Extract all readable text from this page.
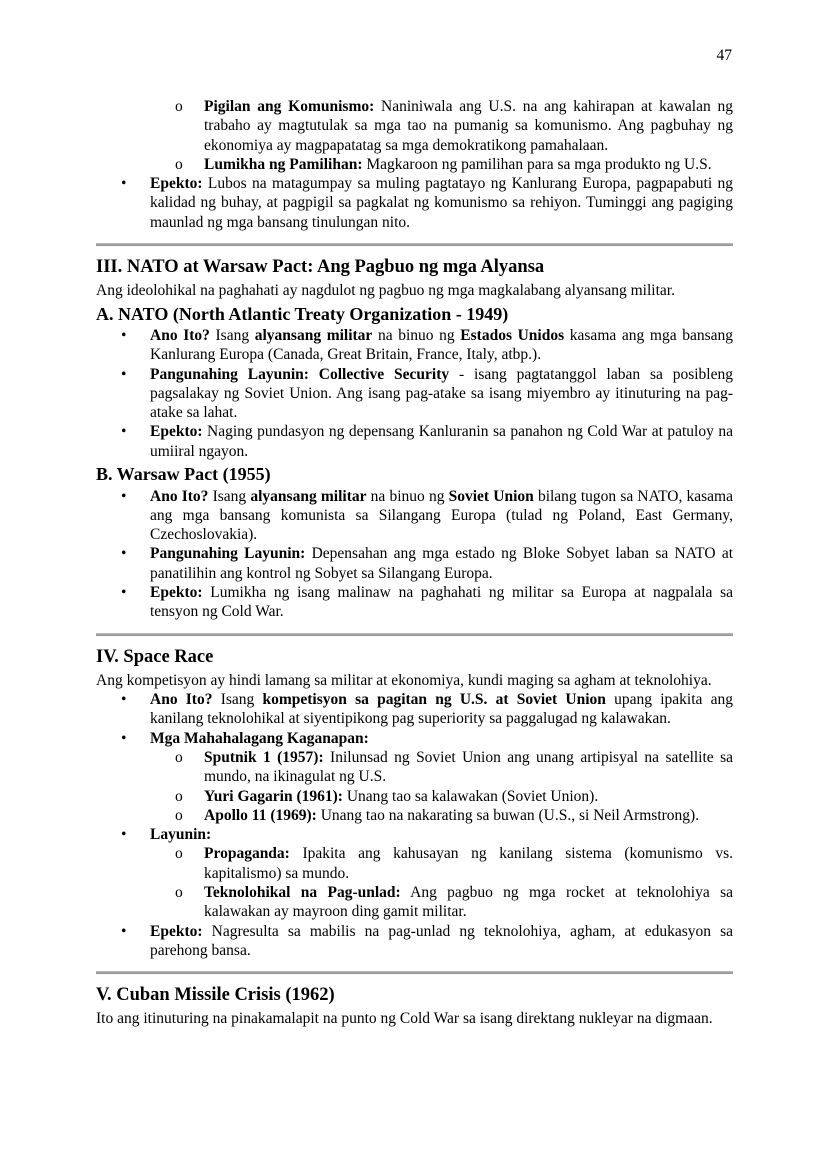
47
o Pigilan ang Komunismo: Naniniwala ang U.S. na ang kahirapan at kawalan ng trabaho ay magtutulak sa mga tao na pumanig sa komunismo. Ang pagbuhay ng ekonomiya ay magpapatatag sa mga demokratikong pamahalaan.
o Lumikha ng Pamilihan: Magkaroon ng pamilihan para sa mga produkto ng U.S.
• Epekto: Lubos na matagumpay sa muling pagtatayo ng Kanlurang Europa, pagpapabuti ng kalidad ng buhay, at pagpigil sa pagkalat ng komunismo sa rehiyon. Tuminggi ang pagiging maunlad ng mga bansang tinulungan nito.
III. NATO at Warsaw Pact: Ang Pagbuo ng mga Alyansa
Ang ideolohikal na paghahati ay nagdulot ng pagbuo ng mga magkalabang alyansang militar.
A. NATO (North Atlantic Treaty Organization - 1949)
• Ano Ito? Isang alyansang militar na binuo ng Estados Unidos kasama ang mga bansang Kanlurang Europa (Canada, Great Britain, France, Italy, atbp.).
• Pangunahing Layunin: Collective Security - isang pagtatanggol laban sa posibleng pagsalakay ng Soviet Union. Ang isang pag-atake sa isang miyembro ay itinuturing na pag-atake sa lahat.
• Epekto: Naging pundasyon ng depensang Kanluranin sa panahon ng Cold War at patuloy na umiiral ngayon.
B. Warsaw Pact (1955)
• Ano Ito? Isang alyansang militar na binuo ng Soviet Union bilang tugon sa NATO, kasama ang mga bansang komunista sa Silangang Europa (tulad ng Poland, East Germany, Czechoslovakia).
• Pangunahing Layunin: Depensahan ang mga estado ng Bloke Sobyet laban sa NATO at panatilihin ang kontrol ng Sobyet sa Silangang Europa.
• Epekto: Lumikha ng isang malinaw na paghahati ng militar sa Europa at nagpalala sa tensyon ng Cold War.
IV. Space Race
Ang kompetisyon ay hindi lamang sa militar at ekonomiya, kundi maging sa agham at teknolohiya.
• Ano Ito? Isang kompetisyon sa pagitan ng U.S. at Soviet Union upang ipakita ang kanilang teknolohikal at siyentipikong pag superiority sa paggalugad ng kalawakan.
• Mga Mahahalagang Kaganapan:
o Sputnik 1 (1957): Inilunsad ng Soviet Union ang unang artipisyal na satellite sa mundo, na ikinagulat ng U.S.
o Yuri Gagarin (1961): Unang tao sa kalawakan (Soviet Union).
o Apollo 11 (1969): Unang tao na nakarating sa buwan (U.S., si Neil Armstrong).
• Layunin:
o Propaganda: Ipakita ang kahusayan ng kanilang sistema (komunismo vs. kapitalismo) sa mundo.
o Teknolohikal na Pag-unlad: Ang pagbuo ng mga rocket at teknolohiya sa kalawakan ay mayroon ding gamit militar.
• Epekto: Nagresulta sa mabilis na pag-unlad ng teknolohiya, agham, at edukasyon sa parehong bansa.
V. Cuban Missile Crisis (1962)
Ito ang itinuturing na pinakamalapit na punto ng Cold War sa isang direktang nukleyar na digmaan.
